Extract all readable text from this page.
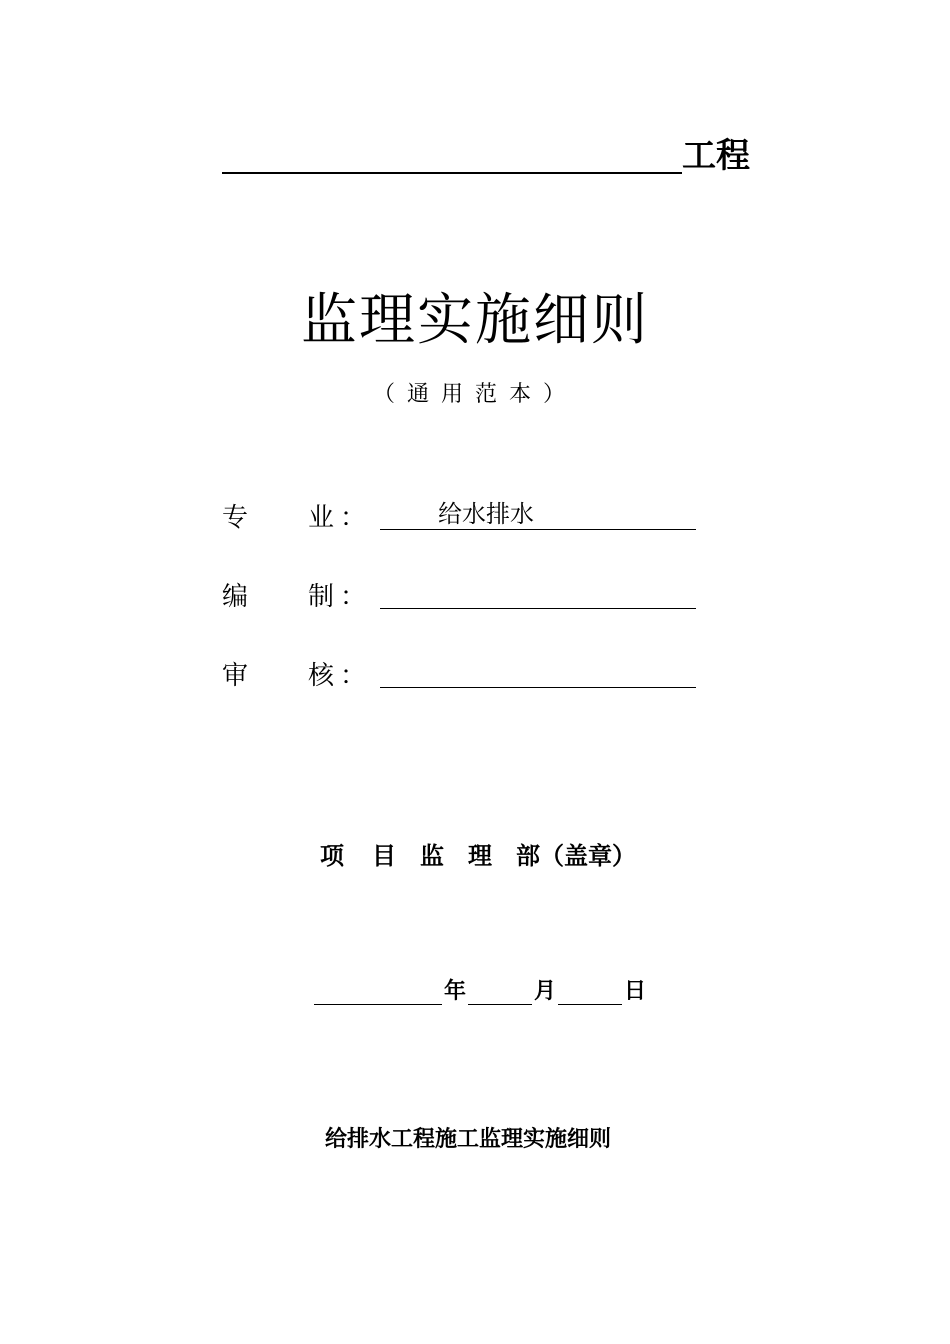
工程
监理实施细则
（通用范本）
专 业 ：	给水排水
编 制 ：
审 核 ：
项 目 监 理 部（盖章）
年	月	日
给排水工程施工监理实施细则
